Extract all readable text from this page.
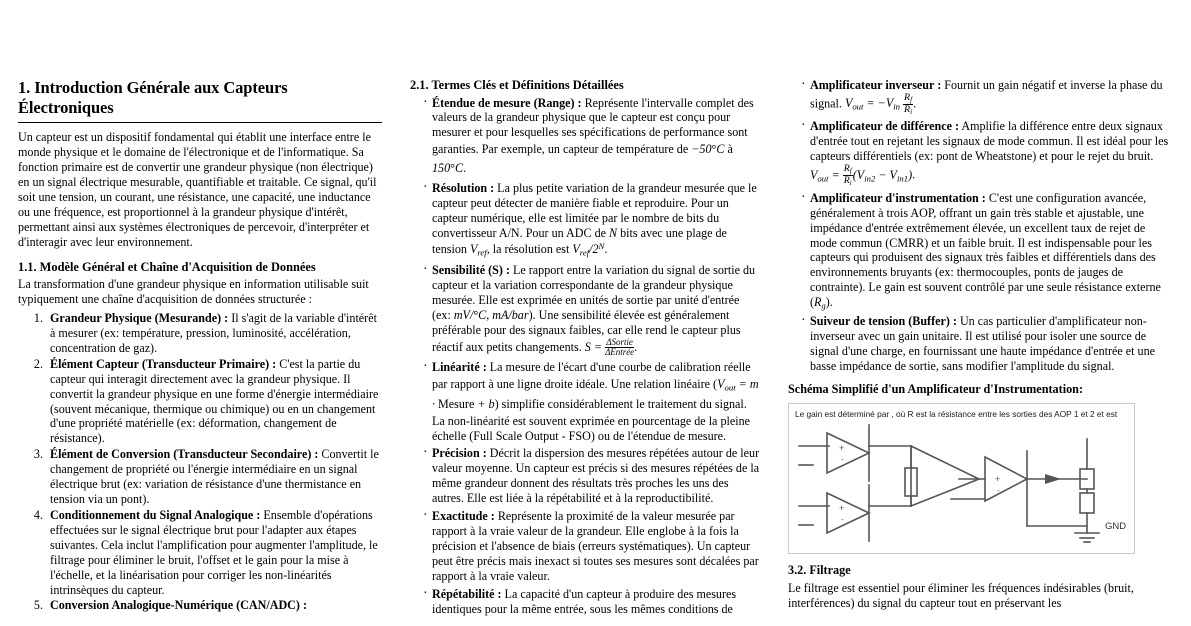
1. Introduction Générale aux Capteurs Électroniques

Un capteur est un dispositif fondamental qui établit une interface entre le monde physique et le domaine de l'électronique et de l'informatique. Sa fonction primaire est de convertir une grandeur physique (non électrique) en un signal électrique mesurable, quantifiable et traitable. Ce signal, qu'il soit une tension, un courant, une résistance, une capacité, une inductance ou une fréquence, est proportionnel à la grandeur physique d'intérêt, permettant ainsi aux systèmes électroniques de percevoir, d'interpréter et d'interagir avec leur environnement.

1.1. Modèle Général et Chaîne d'Acquisition de Données

La transformation d'une grandeur physique en information utilisable suit typiquement une chaîne d'acquisition de données structurée :

1. Grandeur Physique (Mesurande) : Il s'agit de la variable d'intérêt à mesurer (ex: température, pression, luminosité, accélération, concentration de gaz).
2. Élément Capteur (Transducteur Primaire) : C'est la partie du capteur qui interagit directement avec la grandeur physique. Il convertit la grandeur physique en une forme d'énergie intermédiaire (souvent mécanique, thermique ou chimique) ou en un changement d'une propriété matérielle (ex: déformation, changement de résistance).
3. Élément de Conversion (Transducteur Secondaire) : Convertit le changement de propriété ou l'énergie intermédiaire en un signal électrique brut (ex: variation de résistance d'une thermistance en tension via un pont).
4. Conditionnement du Signal Analogique : Ensemble d'opérations effectuées sur le signal électrique brut pour l'adapter aux étapes suivantes. Cela inclut l'amplification pour augmenter l'amplitude, le filtrage pour éliminer le bruit, l'offset et le gain pour la mise à l'échelle, et la linéarisation pour corriger les non-linéarités intrinsèques du capteur.
5. Conversion Analogique-Numérique (CAN/ADC) :
2.1. Termes Clés et Définitions Détaillées
· Étendue de mesure (Range) : Représente l'intervalle complet des valeurs de la grandeur physique que le capteur est conçu pour mesurer et pour lesquelles ses spécifications de performance sont garanties. Par exemple, un capteur de température de −50°C à 150°C.
· Résolution : La plus petite variation de la grandeur mesurée que le capteur peut détecter de manière fiable et reproduire. Pour un capteur numérique, elle est limitée par le nombre de bits du convertisseur A/N. Pour un ADC de N bits avec une plage de tension Vref, la résolution est Vref/$2^N$.
· Sensibilité (S) : Le rapport entre la variation du signal de sortie du capteur et la variation correspondante de la grandeur physique mesurée. Elle est exprimée en unités de sortie par unité d'entrée (ex: mV/°C, mA/bar). Une sensibilité élevée est généralement préférable pour des signaux faibles, car elle rend le capteur plus réactif aux petits changements. $S = \frac{\text{ΔSortie}}{\text{ΔEntrée}}$ .
· Linéarité : La mesure de l'écart d'une courbe de calibration réelle par rapport à une ligne droite idéale. Une relation linéaire (Vout = m · Mesure + b) simplifie considérablement le traitement du signal. La non-linéarité est souvent exprimée en pourcentage de la pleine échelle (Full Scale Output - FSO) ou de l'étendue de mesure.
· Précision : Décrit la dispersion des mesures répétées autour de leur valeur moyenne. Un capteur est précis si des mesures répétées de la même grandeur donnent des résultats très proches les uns des autres. Elle est liée à la répétabilité et à la reproductibilité.
· Exactitude : Représente la proximité de la valeur mesurée par rapport à la vraie valeur de la grandeur. Elle englobe à la fois la précision et l'absence de biais (erreurs systématiques). Un capteur peut être précis mais inexact si toutes ses mesures sont décalées par rapport à la vraie valeur.
· Répétabilité : La capacité d'un capteur à produire des mesures identiques pour la même entrée, sous les mêmes conditions de
· Amplificateur inverseur : Fournit un gain négatif et inverse la phase du signal. Vout = $-Vin \frac{Rf}{Ri}$ .
· Amplificateur de différence : Amplifie la différence entre deux signaux d'entrée tout en rejetant les signaux de mode commun. Il est idéal pour les capteurs différentiels (ex: pont de Wheatstone) et pour le rejet du bruit. Vout = $\frac{Rf}{Ri} (Vin2 - Vin1)$.
· Amplificateur d'instrumentation : C'est une configuration avancée, généralement à trois AOP, offrant un gain très stable et ajustable, une impédance d'entrée extrêmement élevée, un excellent taux de rejet de mode commun (CMRR) et un faible bruit. Il est indispensable pour les capteurs qui produisent des signaux très faibles et différentiels dans des environnements bruyants (ex: thermocouples, ponts de jauges de contrainte). Le gain est souvent contrôlé par une seule résistance externe (Rg).
· Suiveur de tension (Buffer) : Un cas particulier d'amplificateur non-inverseur avec un gain unitaire. Il est utilisé pour isoler une source de signal d'une charge, en fournissant une haute impédance d'entrée et une basse impédance de sortie, sans modifier l'amplitude du signal.
Schéma Simplifié d'un Amplificateur d'Instrumentation:
Le gain est déterminé par , où R est la résistance entre les sorties des AOP 1 et 2 et est
+
-
+
-
+
-
GND
3.2. Filtrage

Le filtrage est essentiel pour éliminer les fréquences indésirables (bruit, interférences) du signal du capteur tout en préservant les
